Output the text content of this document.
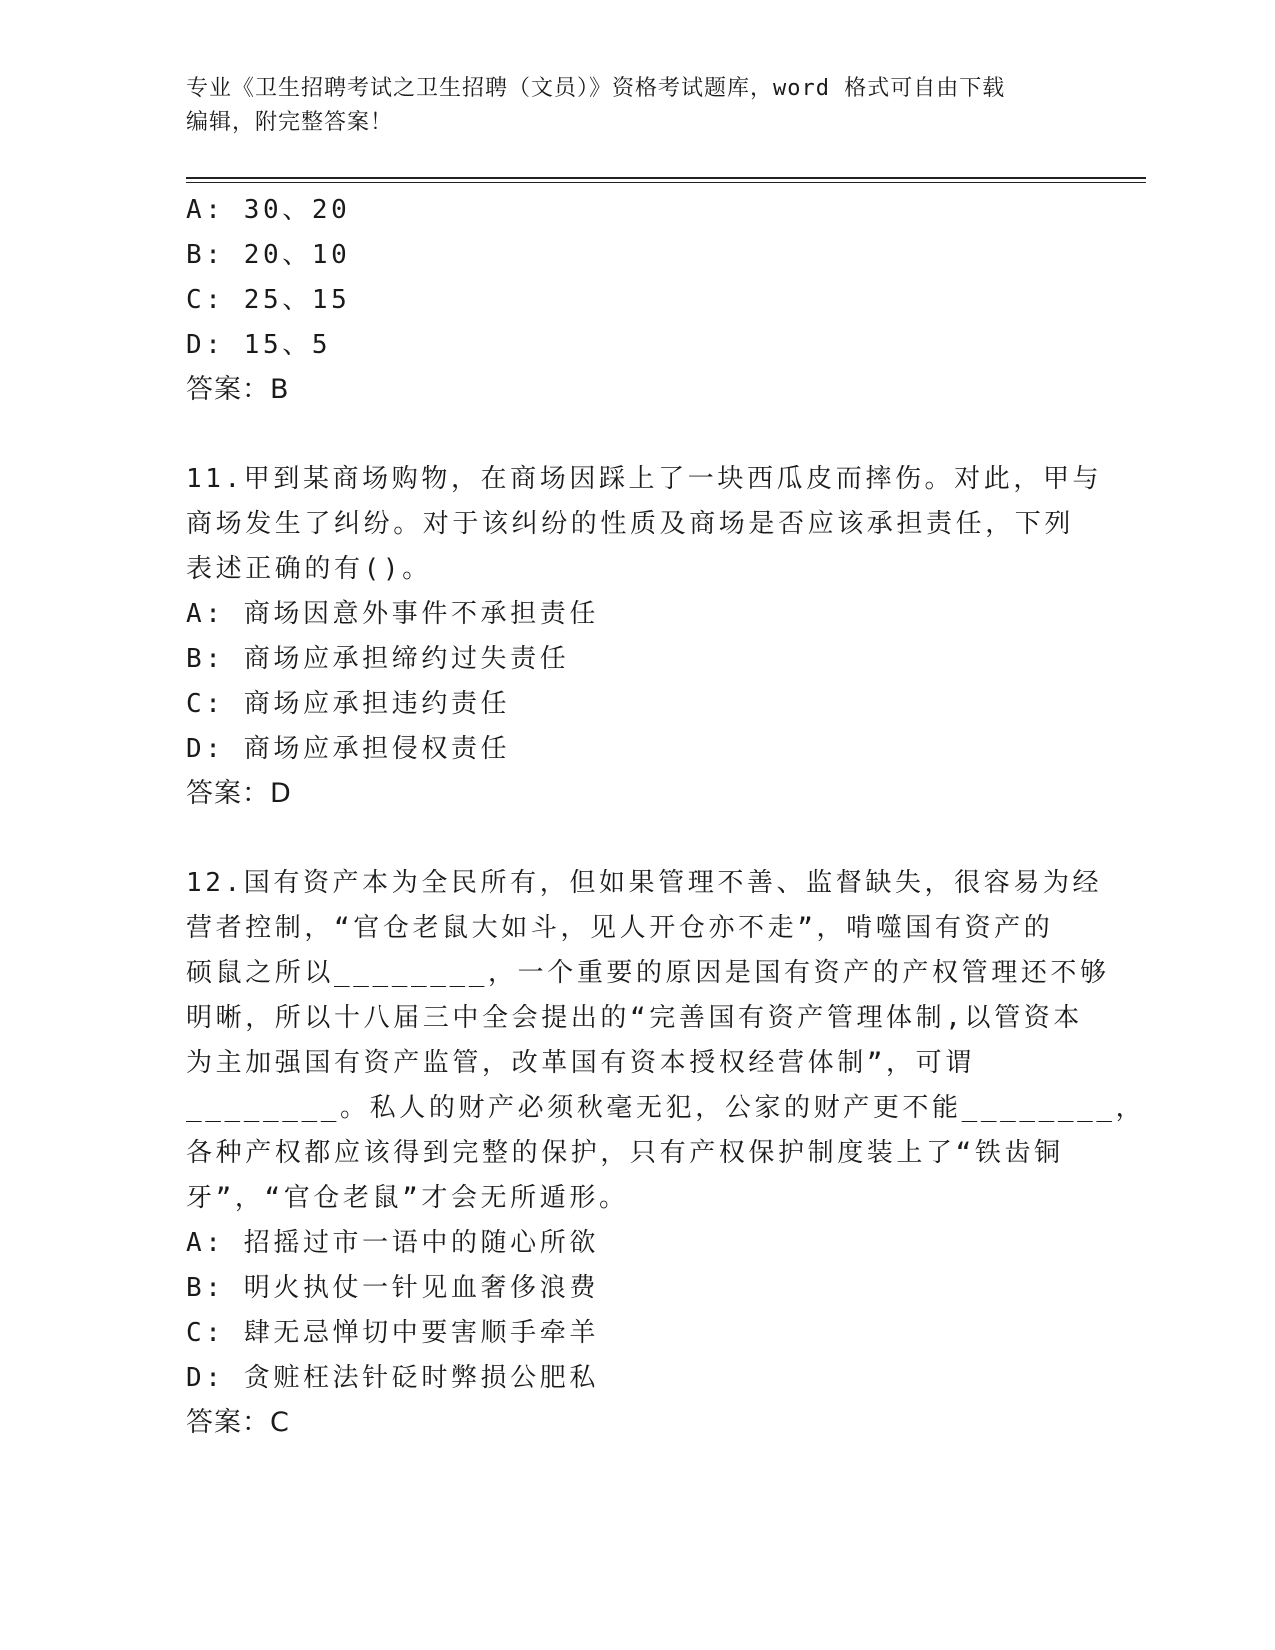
专业《卫生招聘考试之卫生招聘（文员）》资格考试题库，word 格式可自由下载
编辑，附完整答案！
A: 30、20
B: 20、10
C: 25、15
D: 15、5
答案：B
11.甲到某商场购物，在商场因踩上了一块西瓜皮而摔伤。对此，甲与
商场发生了纠纷。对于该纠纷的性质及商场是否应该承担责任，下列
表述正确的有()。
A: 商场因意外事件不承担责任
B: 商场应承担缔约过失责任
C: 商场应承担违约责任
D: 商场应承担侵权责任
答案：D
12.国有资产本为全民所有，但如果管理不善、监督缺失，很容易为经
营者控制，“官仓老鼠大如斗，见人开仓亦不走”，啃噬国有资产的
硕鼠之所以________，一个重要的原因是国有资产的产权管理还不够
明晰，所以十八届三中全会提出的“完善国有资产管理体制,以管资本
为主加强国有资产监管，改革国有资本授权经营体制”，可谓
________。私人的财产必须秋毫无犯，公家的财产更不能________，
各种产权都应该得到完整的保护，只有产权保护制度装上了“铁齿铜
牙”，“官仓老鼠”才会无所遁形。
A: 招摇过市一语中的随心所欲
B: 明火执仗一针见血奢侈浪费
C: 肆无忌惮切中要害顺手牵羊
D: 贪赃枉法针砭时弊损公肥私
答案：C
